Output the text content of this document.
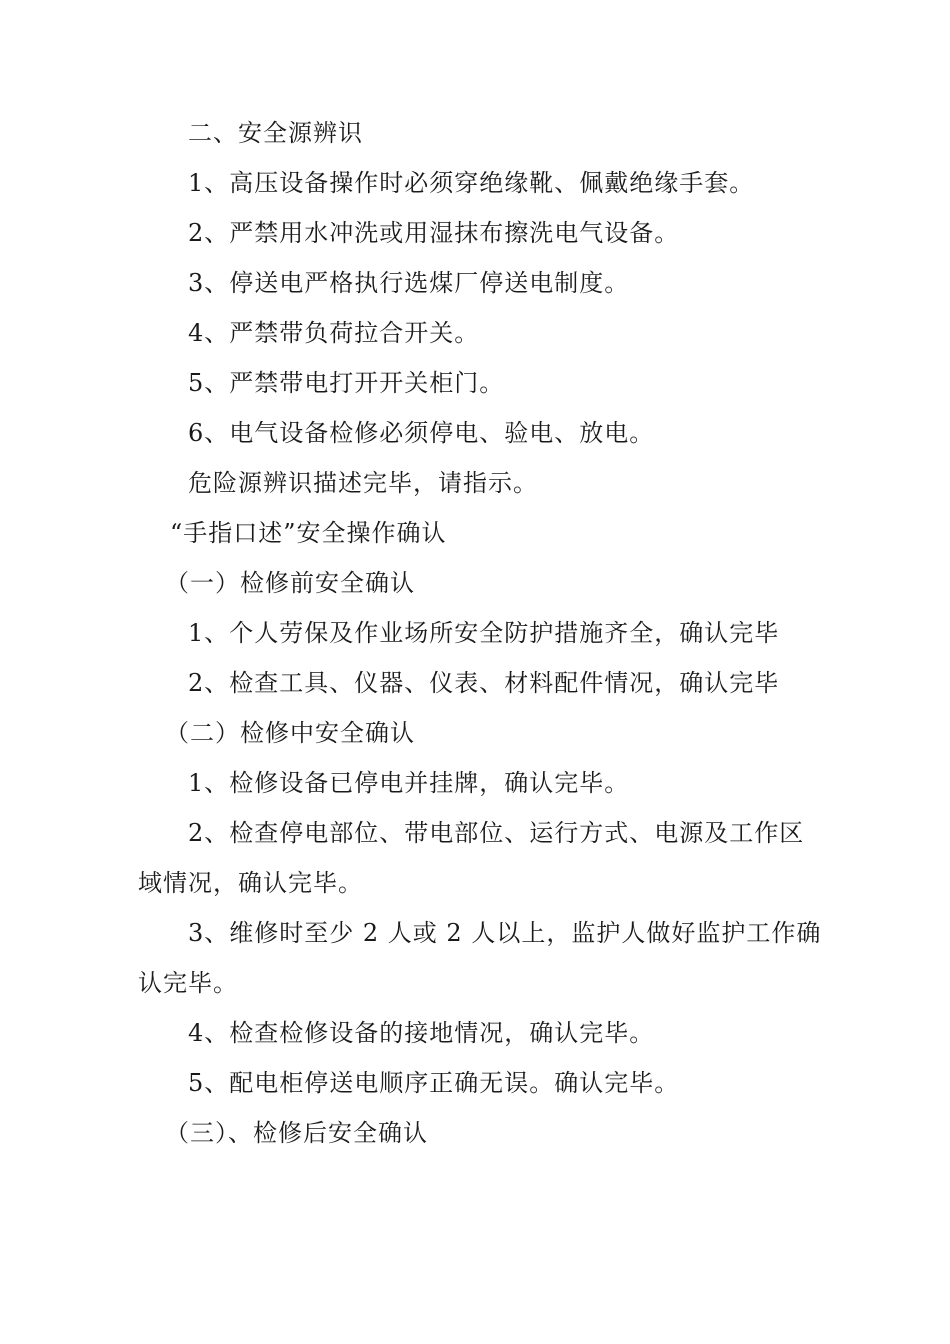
二、安全源辨识
1、高压设备操作时必须穿绝缘靴、佩戴绝缘手套。
2、严禁用水冲洗或用湿抹布擦洗电气设备。
3、停送电严格执行选煤厂停送电制度。
4、严禁带负荷拉合开关。
5、严禁带电打开开关柜门。
6、电气设备检修必须停电、验电、放电。
危险源辨识描述完毕，请指示。
“手指口述”安全操作确认
（一）检修前安全确认
1、个人劳保及作业场所安全防护措施齐全，确认完毕
2、检查工具、仪器、仪表、材料配件情况，确认完毕
（二）检修中安全确认
1、检修设备已停电并挂牌，确认完毕。
2、检查停电部位、带电部位、运行方式、电源及工作区
域情况，确认完毕。
3、维修时至少 2 人或 2 人以上，监护人做好监护工作确
认完毕。
4、检查检修设备的接地情况，确认完毕。
5、配电柜停送电顺序正确无误。确认完毕。
（三）、检修后安全确认
